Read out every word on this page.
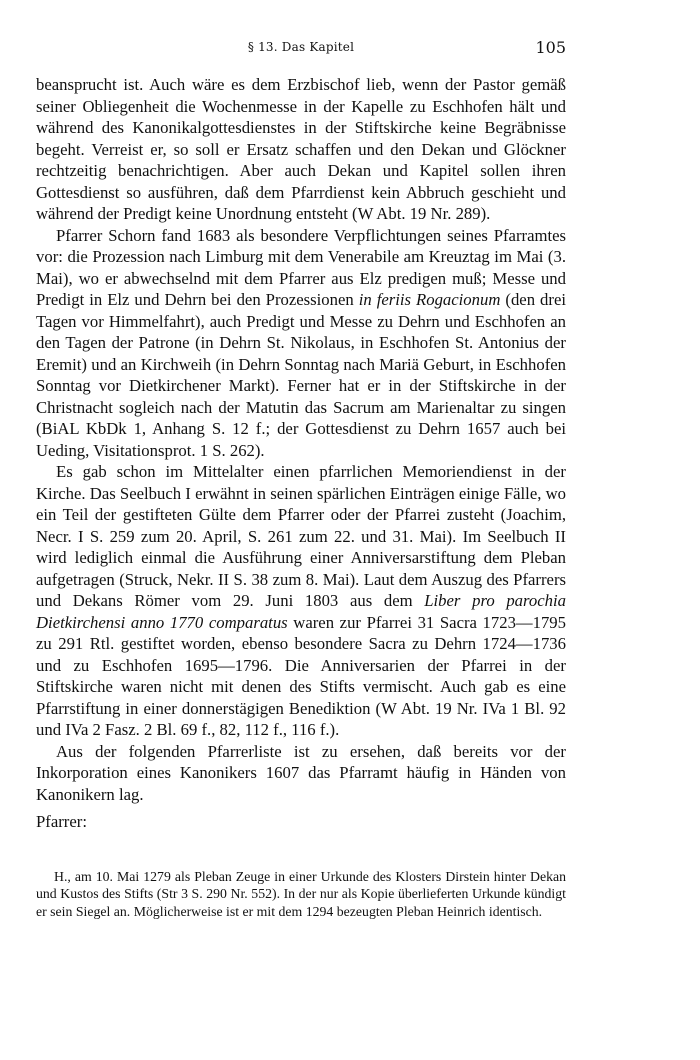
§ 13. Das Kapitel	105

beansprucht ist. Auch wäre es dem Erzbischof lieb, wenn der Pastor gemäß seiner Obliegenheit die Wochenmesse in der Kapelle zu Eschhofen hält und während des Kanonikalgottesdienstes in der Stiftskirche keine Begräbnisse begeht. Verreist er, so soll er Ersatz schaffen und den Dekan und Glöckner rechtzeitig benachrichtigen. Aber auch Dekan und Kapitel sollen ihren Gottesdienst so ausführen, daß dem Pfarrdienst kein Abbruch geschieht und während der Predigt keine Unordnung entsteht (W Abt. 19 Nr. 289).

Pfarrer Schorn fand 1683 als besondere Verpflichtungen seines Pfarramtes vor: die Prozession nach Limburg mit dem Venerabile am Kreuztag im Mai (3. Mai), wo er abwechselnd mit dem Pfarrer aus Elz predigen muß; Messe und Predigt in Elz und Dehrn bei den Prozessionen in feriis Rogacionum (den drei Tagen vor Himmelfahrt), auch Predigt und Messe zu Dehrn und Eschhofen an den Tagen der Patrone (in Dehrn St. Nikolaus, in Eschhofen St. Antonius der Eremit) und an Kirchweih (in Dehrn Sonntag nach Mariä Geburt, in Eschhofen Sonntag vor Dietkirchener Markt). Ferner hat er in der Stiftskirche in der Christnacht sogleich nach der Matutin das Sacrum am Marienaltar zu singen (BiAL KbDk 1, Anhang S. 12 f.; der Gottesdienst zu Dehrn 1657 auch bei Ueding, Visitationsprot. 1 S. 262).

Es gab schon im Mittelalter einen pfarrlichen Memoriendienst in der Kirche. Das Seelbuch I erwähnt in seinen spärlichen Einträgen einige Fälle, wo ein Teil der gestifteten Gülte dem Pfarrer oder der Pfarrei zusteht (Joachim, Necr. I S. 259 zum 20. April, S. 261 zum 22. und 31. Mai). Im Seelbuch II wird lediglich einmal die Ausführung einer Anniversarstiftung dem Pleban aufgetragen (Struck, Nekr. II S. 38 zum 8. Mai). Laut dem Auszug des Pfarrers und Dekans Römer vom 29. Juni 1803 aus dem Liber pro parochia Dietkirchensi anno 1770 comparatus waren zur Pfarrei 31 Sacra 1723—1795 zu 291 Rtl. gestiftet worden, ebenso besondere Sacra zu Dehrn 1724—1736 und zu Eschhofen 1695—1796. Die Anniversarien der Pfarrei in der Stiftskirche waren nicht mit denen des Stifts vermischt. Auch gab es eine Pfarrstiftung in einer donnerstägigen Benediktion (W Abt. 19 Nr. IVa 1 Bl. 92 und IVa 2 Fasz. 2 Bl. 69 f., 82, 112 f., 116 f.).

Aus der folgenden Pfarrerliste ist zu ersehen, daß bereits vor der Inkorporation eines Kanonikers 1607 das Pfarramt häufig in Händen von Kanonikern lag.

Pfarrer:

H., am 10. Mai 1279 als Pleban Zeuge in einer Urkunde des Klosters Dirstein hinter Dekan und Kustos des Stifts (Str 3 S. 290 Nr. 552). In der nur als Kopie überlieferten Urkunde kündigt er sein Siegel an. Möglicherweise ist er mit dem 1294 bezeugten Pleban Heinrich identisch.
